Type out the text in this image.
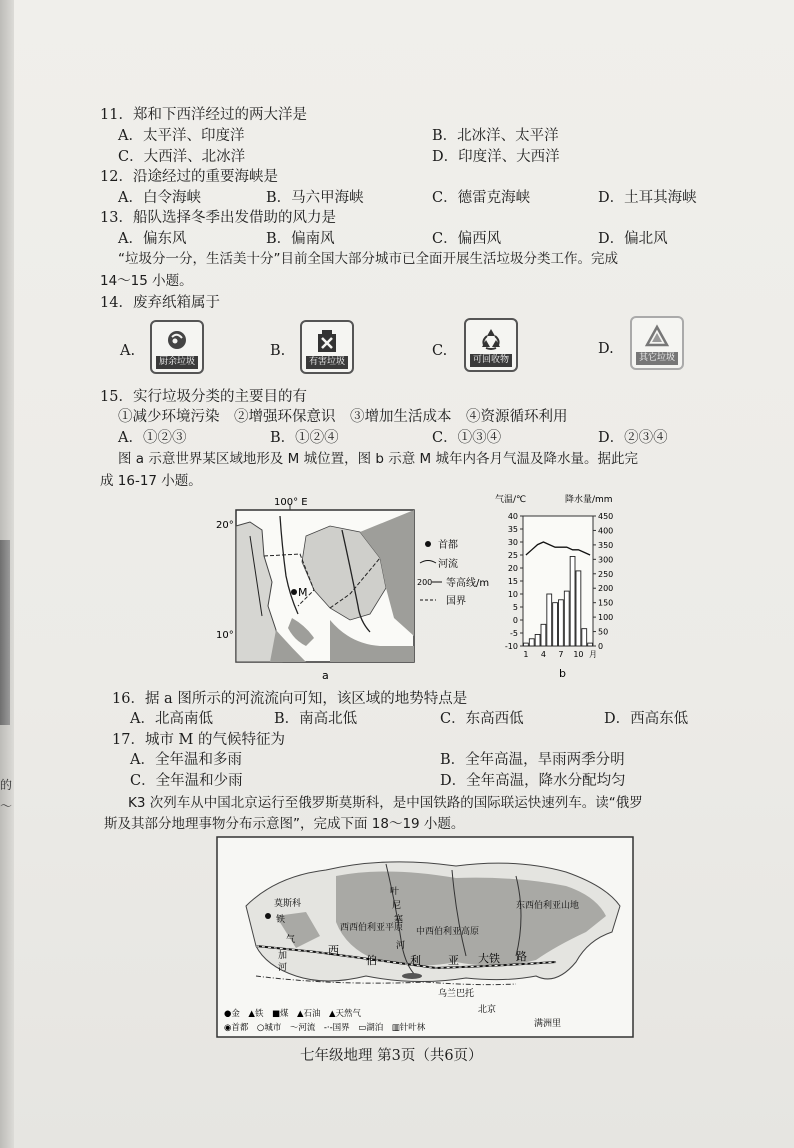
的
～
11．郑和下西洋经过的两大洋是
A．太平洋、印度洋	B．北冰洋、太平洋
C．大西洋、北冰洋	D．印度洋、大西洋
12．沿途经过的重要海峡是
A．白令海峡	B．马六甲海峡	C．德雷克海峡	D．土耳其海峡
13．船队选择冬季出发借助的风力是
A．偏东风	B．偏南风	C．偏西风	D．偏北风
“垃圾分一分，生活美十分”目前全国大部分城市已全面开展生活垃圾分类工作。完成
14～15 小题。
14．废弃纸箱属于
A.
厨余垃圾
B.
有害垃圾
C.
可回收物
D.
其它垃圾
15．实行垃圾分类的主要目的有
①减少环境污染　②增强环保意识　③增加生活成本　④资源循环利用
A．①②③	B．①②④	C．①③④	D．②③④
图 a 示意世界某区域地形及 M 城位置，图 b 示意 M 城年内各月气温及降水量。据此完
成 16-17 小题。
M
100° E
20°
10°
首都
河流
200 等高线/m
国界
a
气温/℃	降水量/mm
40
35
30
25
20
15
10
5
0
-5
-10
450
400
350
300
250
200
150
100
50
0
1 4 7 10 月
b
16．据 a 图所示的河流流向可知，该区域的地势特点是
A．北高南低	B．南高北低	C．东高西低	D．西高东低
17．城市 M 的气候特征为
A．全年温和多雨	B．全年高温，旱雨两季分明
C．全年温和少雨	D．全年高温，降水分配均匀
K3 次列车从中国北京运行至俄罗斯莫斯科，是中国铁路的国际联运快速列车。读“俄罗
斯及其部分地理事物分布示意图”，完成下面 18～19 小题。
莫斯科
铁
气
加
河
西西伯利亚平原 中西伯利亚高原
东西伯利亚山地
叶
尼
塞
河
西
伯	利 亚 大铁 路
乌兰巴托
北京
满洲里
●金　▲铁　■煤　▲石油　▲天然气
◉首都　○城市　～河流　-·-国界　▭湖泊　▥针叶林
七年级地理 第3页（共6页）
